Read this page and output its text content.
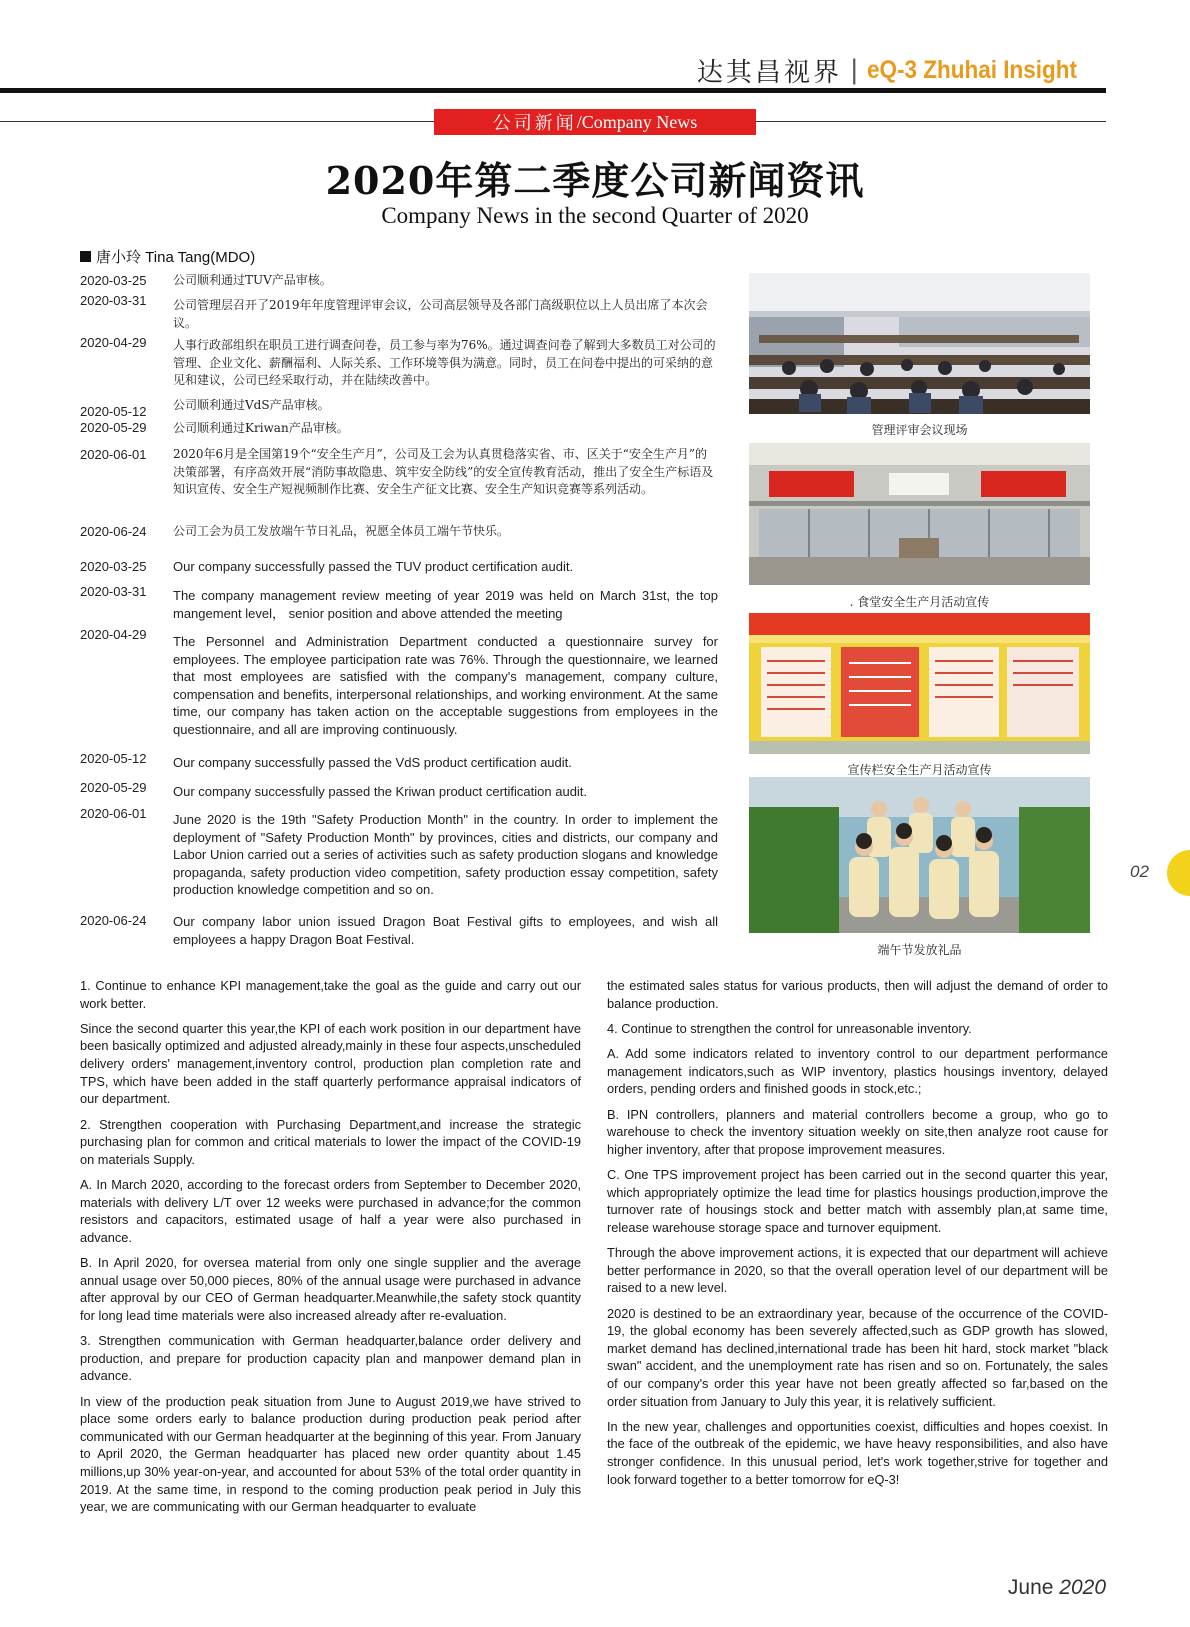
达其昌视界 | eQ-3 Zhuhai Insight
公司新闻 /Company News
2020年第二季度公司新闻资讯
Company News in the second Quarter of 2020
唐小玲 Tina Tang(MDO)
2020-03-25 公司顺利通过TUV产品审核。
2020-03-31 公司管理层召开了2019年年度管理评审会议，公司高层领导及各部门高级职位以上人员出席了本次会议。
2020-04-29 人事行政部组织在职员工进行调查问卷，员工参与率为76%。通过调查问卷了解到大多数员工对公司的管理、企业文化、薪酬福利、人际关系、工作环境等俱为满意。同时，员工在问卷中提出的可采纳的意见和建议，公司已经采取行动，并在陆续改善中。
2020-05-12 公司顺利通过VdS产品审核。
2020-05-29 公司顺利通过Kriwan产品审核。
2020-06-01 2020年6月是全国第19个“安全生产月”，公司及工会为认真贯稳落实省、市、区关于“安全生产月”的决策部署，有序高效开展“消防事故隐患、筑牢安全防线”的安全宣传教育活动，推出了安全生产标语及知识宣传、安全生产短视频制作比赛、安全生产征文比赛、安全生产知识竞赛等系列活动。
2020-06-24 公司工会为员工发放端午节日礼品，祝愿全体员工端午节快乐。
2020-03-25 Our company successfully passed the TUV product certification audit.
2020-03-31 The company management review meeting of year 2019 was held on March 31st, the top mangement level， senior position and above attended the meeting
2020-04-29 The Personnel and Administration Department conducted a questionnaire survey for employees. The employee participation rate was 76%. Through the questionnaire, we learned that most employees are satisfied with the company's management, company culture, compensation and benefits, interpersonal relationships, and working environment. At the same time, our company has taken action on the acceptable suggestions from employees in the questionnaire, and all are improving continuously.
2020-05-12 Our company successfully passed the VdS product certification audit.
2020-05-29 Our company successfully passed the Kriwan product certification audit.
2020-06-01 June 2020 is the 19th "Safety Production Month" in the country. In order to implement the deployment of "Safety Production Month" by provinces, cities and districts, our company and Labor Union carried out a series of activities such as safety production slogans and knowledge propaganda, safety production video competition, safety production essay competition, safety production knowledge competition and so on.
2020-06-24 Our company labor union issued Dragon Boat Festival gifts to employees, and wish all employees a happy Dragon Boat Festival.
管理评审会议现场
. 食堂安全生产月活动宣传
宣传栏安全生产月活动宣传
端午节发放礼品

1. Continue to enhance KPI management,take the goal as the guide and carry out our work better.

Since the second quarter this year,the KPI of each work position in our department have been basically optimized and adjusted already,mainly in these four aspects,unscheduled delivery orders' management,inventory control, production plan completion rate and TPS, which have been added in the staff quarterly performance appraisal indicators of our department.

2. Strengthen cooperation with Purchasing Department,and increase the strategic purchasing plan for common and critical materials to lower the impact of the COVID-19 on materials Supply.

A. In March 2020, according to the forecast orders from September to December 2020, materials with delivery L/T over 12 weeks were purchased in advance;for the common resistors and capacitors, estimated usage of half a year were also purchased in advance.

B. In April 2020, for oversea material from only one single supplier and the average annual usage over 50,000 pieces, 80% of the annual usage were purchased in advance after approval by our CEO of German headquarter.Meanwhile,the safety stock quantity for long lead time materials were also increased already after re-evaluation.

3. Strengthen communication with German headquarter,balance order delivery and production, and prepare for production capacity plan and manpower demand plan in advance.

In view of the production peak situation from June to August 2019,we have strived to place some orders early to balance production during production peak period after communicated with our German headquarter at the beginning of this year. From January to April 2020, the German headquarter has placed new order quantity about 1.45 millions,up 30% year-on-year, and accounted for about 53% of the total order quantity in 2019. At the same time, in respond to the coming production peak period in July this year, we are communicating with our German headquarter to evaluate

the estimated sales status for various products, then will adjust the demand of order to balance production.

4. Continue to strengthen the control for unreasonable inventory.

A. Add some indicators related to inventory control to our department performance management indicators,such as WIP inventory, plastics housings inventory, delayed orders, pending orders and finished goods in stock,etc.;

B. IPN controllers, planners and material controllers become a group, who go to warehouse to check the inventory situation weekly on site,then analyze root cause for higher inventory, after that propose improvement measures.

C. One TPS improvement project has been carried out in the second quarter this year, which appropriately optimize the lead time for plastics housings production,improve the turnover rate of housings stock and better match with assembly plan,at same time, release warehouse storage space and turnover equipment.

Through the above improvement actions, it is expected that our department will achieve better performance in 2020, so that the overall operation level of our department will be raised to a new level.

2020 is destined to be an extraordinary year, because of the occurrence of the COVID-19, the global economy has been severely affected,such as GDP growth has slowed, market demand has declined,international trade has been hit hard, stock market "black swan" accident, and the unemployment rate has risen and so on. Fortunately, the sales of our company's order this year have not been greatly affected so far,based on the order situation from January to July this year, it is relatively sufficient.

In the new year, challenges and opportunities coexist, difficulties and hopes coexist. In the face of the outbreak of the epidemic, we have heavy responsibilities, and also have stronger confidence. In this unusual period, let's work together,strive for together and look forward together to a better tomorrow for eQ-3!

02
June 2020
